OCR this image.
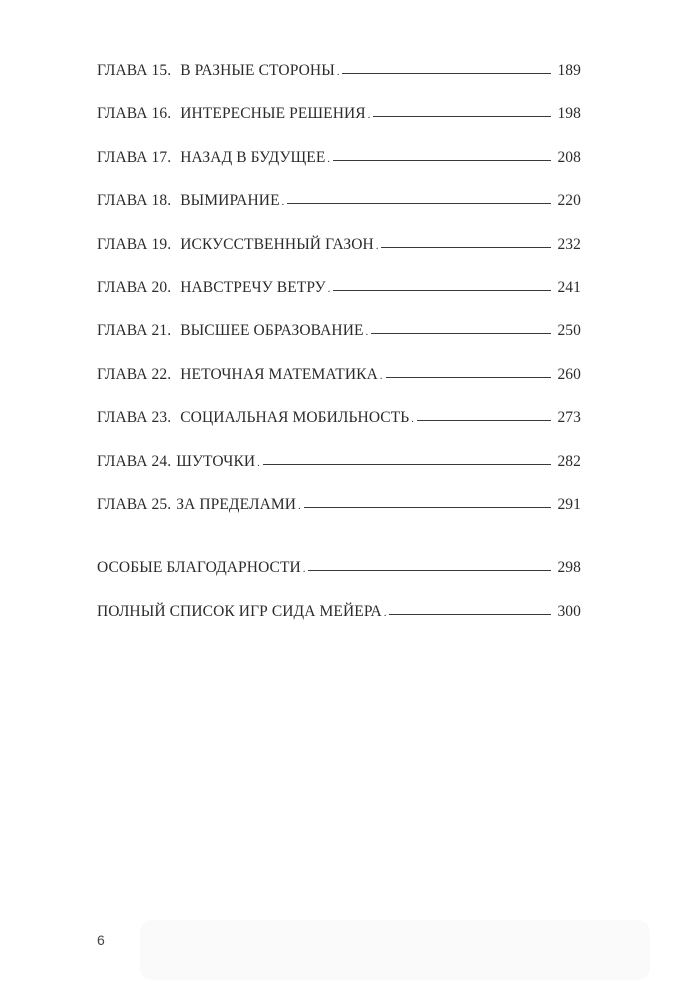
ГЛАВА 15. В РАЗНЫЕ СТОРОНЫ .	189
ГЛАВА 16. ИНТЕРЕСНЫЕ РЕШЕНИЯ .	198
ГЛАВА 17. НАЗАД В БУДУЩЕЕ .	208
ГЛАВА 18. ВЫМИРАНИЕ .	220
ГЛАВА 19. ИСКУССТВЕННЫЙ ГАЗОН .	232
ГЛАВА 20. НАВСТРЕЧУ ВЕТРУ .	241
ГЛАВА 21. ВЫСШЕЕ ОБРАЗОВАНИЕ .	250
ГЛАВА 22. НЕТОЧНАЯ МАТЕМАТИКА .	260
ГЛАВА 23. СОЦИАЛЬНАЯ МОБИЛЬНОСТЬ .	273
ГЛАВА 24. ШУТОЧКИ .	282
ГЛАВА 25. ЗА ПРЕДЕЛАМИ .	291
ОСОБЫЕ БЛАГОДАРНОСТИ .	298
ПОЛНЫЙ СПИСОК ИГР СИДА МЕЙЕРА .	300
6
